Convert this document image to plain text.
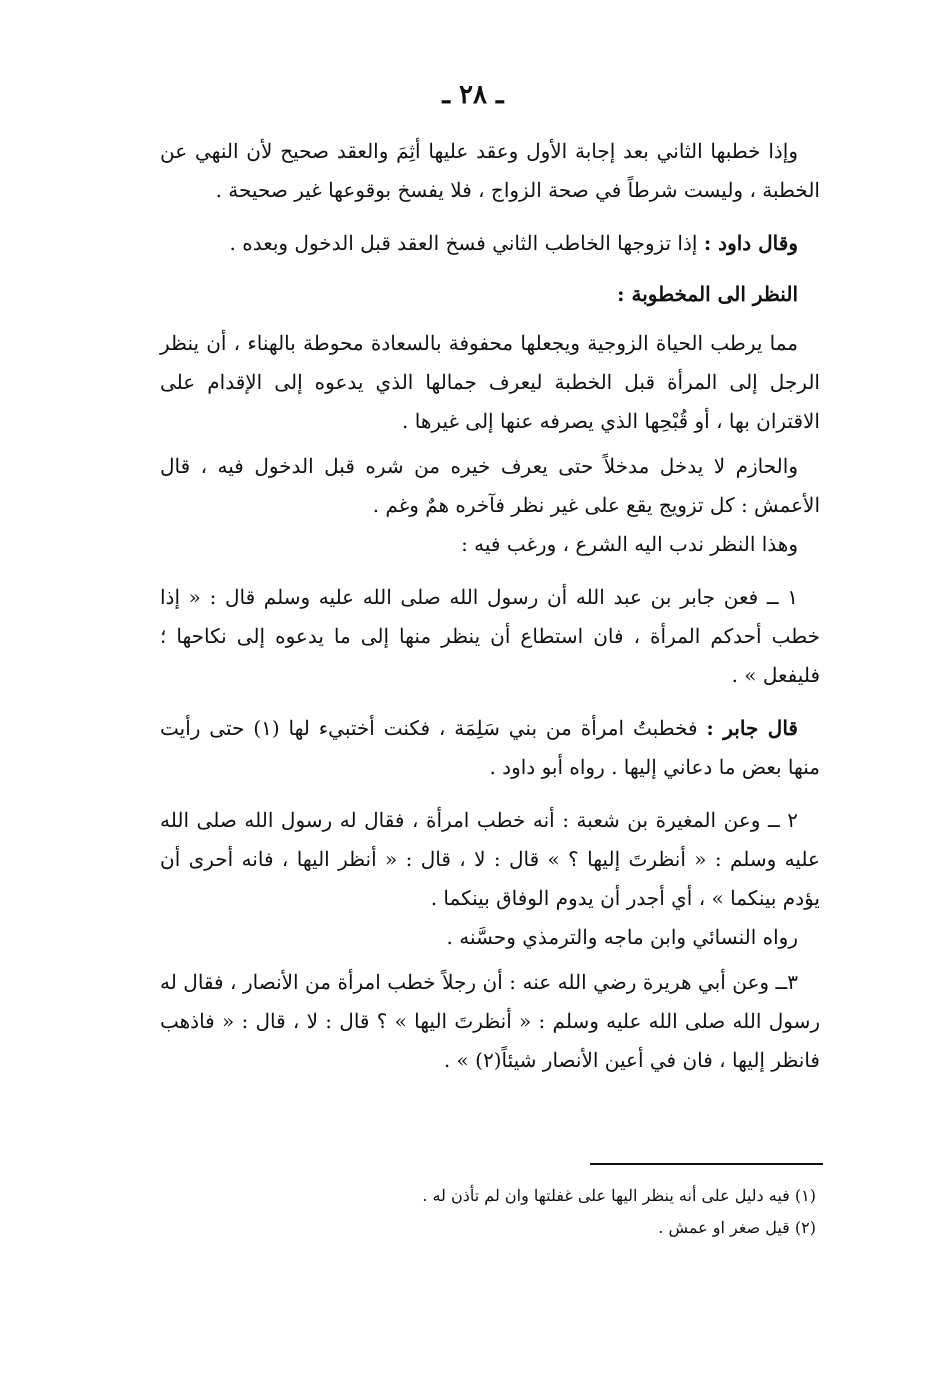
ـ ٢٨ ـ

وإذا خطبها الثاني بعد إجابة الأول وعقد عليها أثِمَ والعقد صحيح لأن النهي عن الخطبة ، وليست شرطاً في صحة الزواج ، فلا يفسخ بوقوعها غير صحيحة .

وقال داود : إذا تزوجها الخاطب الثاني فسخ العقد قبل الدخول وبعده .

النظر الى المخطوبة :

مما يرطب الحياة الزوجية ويجعلها محفوفة بالسعادة محوطة بالهناء ، أن ينظر الرجل إلى المرأة قبل الخطبة ليعرف جمالها الذي يدعوه إلى الإقدام على الاقتران بها ، أو قُبْحِها الذي يصرفه عنها إلى غيرها .

والحازم لا يدخل مدخلاً حتى يعرف خيره من شره قبل الدخول فيه ، قال الأعمش : كل تزويج يقع على غير نظر فآخره همٌ وغم .

وهذا النظر ندب اليه الشرع ، ورغب فيه :

١ ــ فعن جابر بن عبد الله أن رسول الله صلى الله عليه وسلم قال : « إذا خطب أحدكم المرأة ، فان استطاع أن ينظر منها إلى ما يدعوه إلى نكاحها ؛ فليفعل » .

قال جابر : فخطبتُ امرأة من بني سَلِمَة ، فكنت أختبيء لها (١) حتى رأيت منها بعض ما دعاني إليها . رواه أبو داود .

٢ ــ وعن المغيرة بن شعبة : أنه خطب امرأة ، فقال له رسول الله صلى الله عليه وسلم : « أنظرتَ إليها ؟ » قال : لا ، قال : « أنظر اليها ، فانه أحرى أن يؤدم بينكما » ، أي أجدر أن يدوم الوفاق بينكما .

رواه النسائي وابن ماجه والترمذي وحسَّنه .

٣ــ وعن أبي هريرة رضي الله عنه : أن رجلاً خطب امرأة من الأنصار ، فقال له رسول الله صلى الله عليه وسلم : « أنظرتَ اليها » ؟ قال : لا ، قال : « فاذهب فانظر إليها ، فان في أعين الأنصار شيئاً(٢) » .

(١) فيه دليل على أنه ينظر اليها على غفلتها وان لم تأذن له .

(٢) قيل صغر او عمش .
